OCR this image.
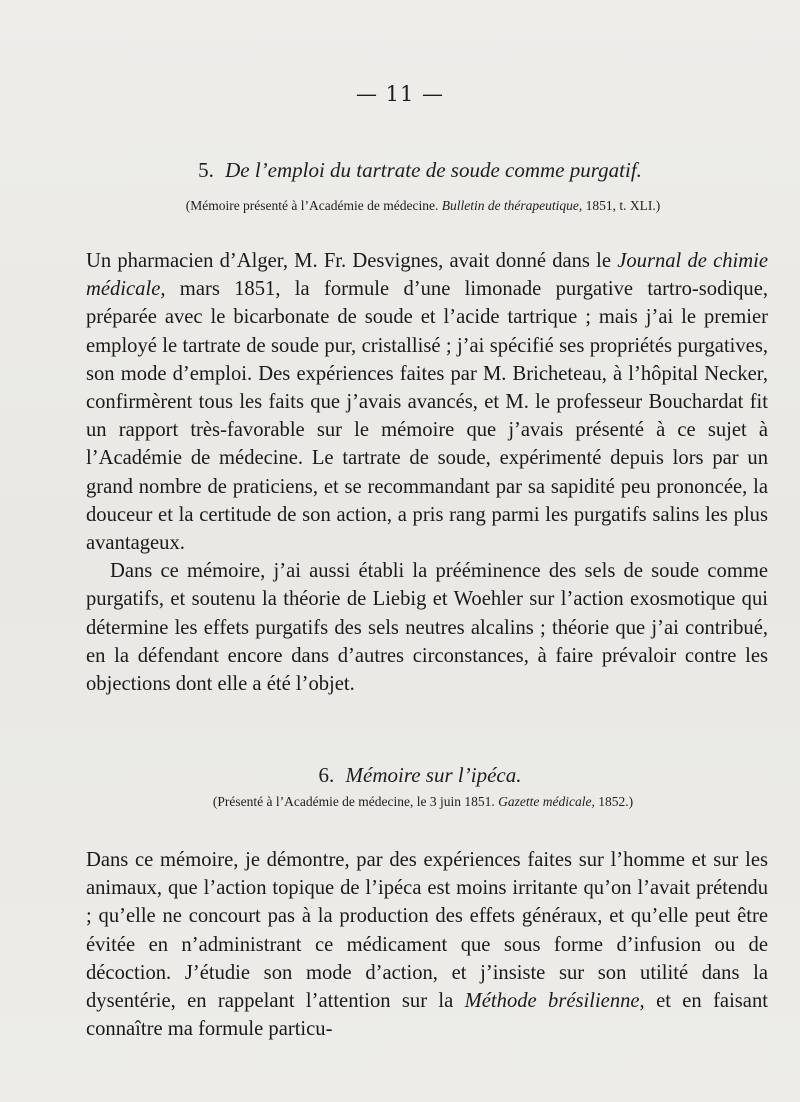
— 11 —
5. De l’emploi du tartrate de soude comme purgatif.
(Mémoire présenté à l’Académie de médecine. Bulletin de thérapeutique, 1851, t. XLI.)

Un pharmacien d’Alger, M. Fr. Desvignes, avait donné dans le Journal de chimie médicale, mars 1851, la formule d’une limonade purgative tartro-sodique, préparée avec le bicarbonate de soude et l’acide tartrique ; mais j’ai le premier employé le tartrate de soude pur, cristallisé ; j’ai spécifié ses propriétés purgatives, son mode d’emploi. Des expériences faites par M. Bricheteau, à l’hôpital Necker, confirmèrent tous les faits que j’avais avancés, et M. le professeur Bouchardat fit un rapport très-favorable sur le mémoire que j’avais présenté à ce sujet à l’Académie de médecine. Le tartrate de soude, expérimenté depuis lors par un grand nombre de praticiens, et se recommandant par sa sapidité peu prononcée, la douceur et la certitude de son action, a pris rang parmi les purgatifs salins les plus avantageux.

Dans ce mémoire, j’ai aussi établi la prééminence des sels de soude comme purgatifs, et soutenu la théorie de Liebig et Woehler sur l’action exosmotique qui détermine les effets purgatifs des sels neutres alcalins ; théorie que j’ai contribué, en la défendant encore dans d’autres circonstances, à faire prévaloir contre les objections dont elle a été l’objet.

6. Mémoire sur l’ipéca.
(Présenté à l’Académie de médecine, le 3 juin 1851. Gazette médicale, 1852.)

Dans ce mémoire, je démontre, par des expériences faites sur l’homme et sur les animaux, que l’action topique de l’ipéca est moins irritante qu’on l’avait prétendu ; qu’elle ne concourt pas à la production des effets généraux, et qu’elle peut être évitée en n’administrant ce médicament que sous forme d’infusion ou de décoction. J’étudie son mode d’action, et j’insiste sur son utilité dans la dysentérie, en rappelant l’attention sur la Méthode brésilienne, et en faisant connaître ma formule particu-
